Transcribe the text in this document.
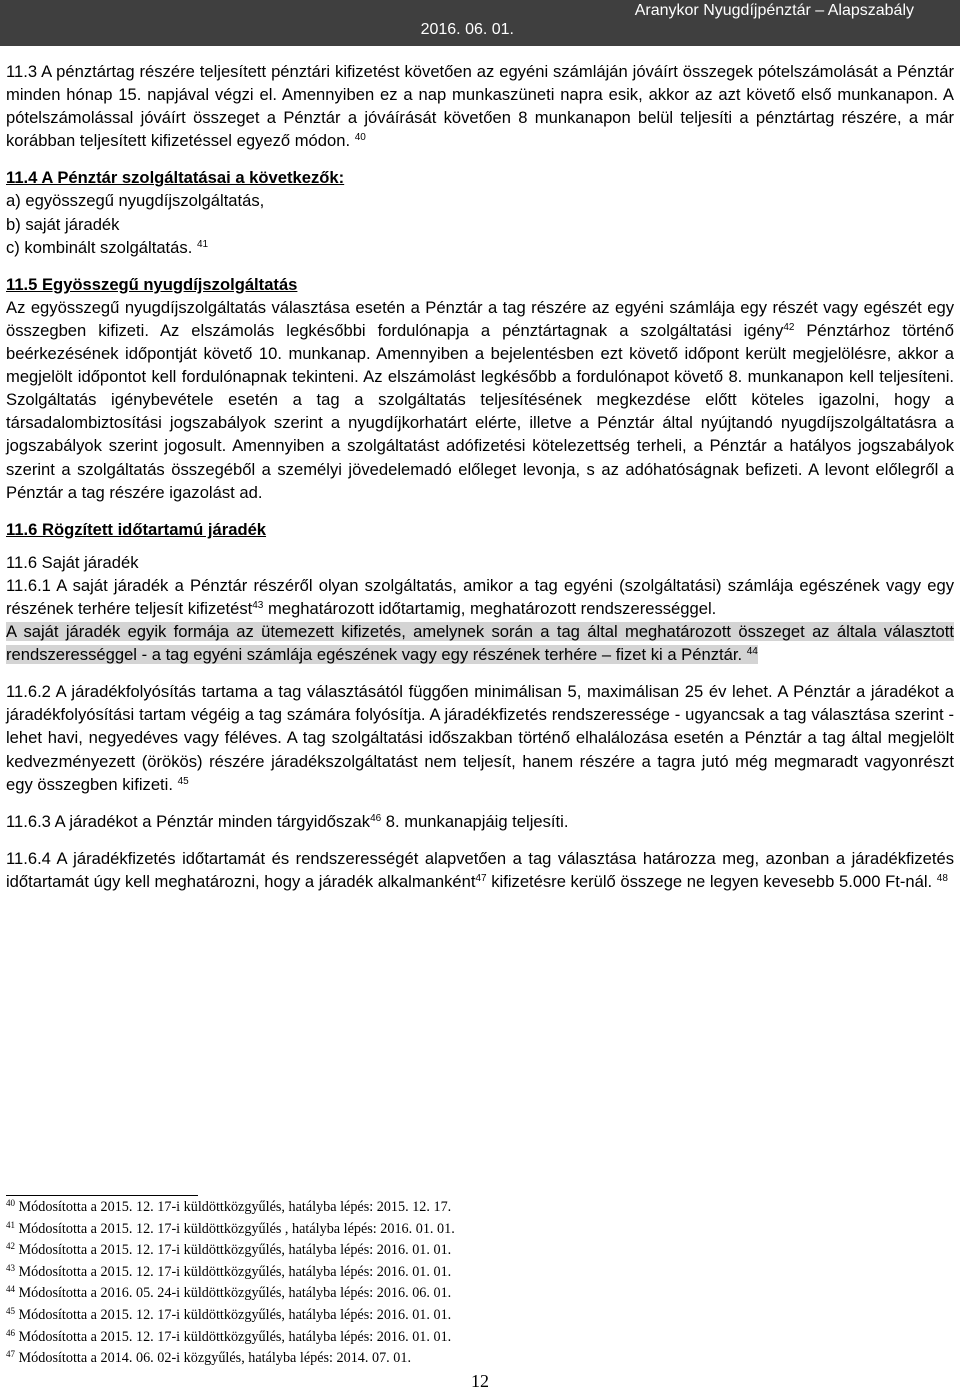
Aranykor Nyugdíjpénztár – Alapszabály
2016. 06. 01.

11.3 A pénztártag részére teljesített pénztári kifizetést követően az egyéni számláján jóváírt összegek pótelszámolását a Pénztár minden hónap 15. napjával végzi el. Amennyiben ez a nap munkaszüneti napra esik, akkor az azt követő első munkanapon. A pótelszámolással jóváírt összeget a Pénztár a jóváírását követően 8 munkanapon belül teljesíti a pénztártag részére, a már korábban teljesített kifizetéssel egyező módon. $^{40}$

11.4 A Pénztár szolgáltatásai a következők:
a) egyösszegű nyugdíjszolgáltatás,
b) saját járadék
c) kombinált szolgáltatás. $^{41}$
11.5 Egyösszegű nyugdíjszolgáltatás

Az egyösszegű nyugdíjszolgáltatás választása esetén a Pénztár a tag részére az egyéni számlája egy részét vagy egészét egy összegben kifizeti. Az elszámolás legkésőbbi fordulónapja a pénztártagnak a szolgáltatási igény$^{42}$ Pénztárhoz történő beérkezésének időpontját követő 10. munkanap. Amennyiben a bejelentésben ezt követő időpont került megjelölésre, akkor a megjelölt időpontot kell fordulónapnak tekinteni. Az elszámolást legkésőbb a fordulónapot követő 8. munkanapon kell teljesíteni. Szolgáltatás igénybevétele esetén a tag a szolgáltatás teljesítésének megkezdése előtt köteles igazolni, hogy a társadalombiztosítási jogszabályok szerint a nyugdíjkorhatárt elérte, illetve a Pénztár által nyújtandó nyugdíjszolgáltatásra a jogszabályok szerint jogosult. Amennyiben a szolgáltatást adófizetési kötelezettség terheli, a Pénztár a hatályos jogszabályok szerint a szolgáltatás összegéből a személyi jövedelemadó előleget levonja, s az adóhatóságnak befizeti. A levont előlegről a Pénztár a tag részére igazolást ad.

11.6 Rögzített időtartamú járadék
11.6 Saját járadék

11.6.1 A saját járadék a Pénztár részéről olyan szolgáltatás, amikor a tag egyéni (szolgáltatási) számlája egészének vagy egy részének terhére teljesít kifizetést$^{43}$ meghatározott időtartamig, meghatározott rendszerességgel.

A saját járadék egyik formája az ütemezett kifizetés, amelynek során a tag által meghatározott összeget az általa választott rendszerességgel - a tag egyéni számlája egészének vagy egy részének terhére – fizet ki a Pénztár. $^{44}$

11.6.2 A járadékfolyósítás tartama a tag választásától függően minimálisan 5, maximálisan 25 év lehet. A Pénztár a járadékot a járadékfolyósítási tartam végéig a tag számára folyósítja. A járadékfizetés rendszeressége - ugyancsak a tag választása szerint - lehet havi, negyedéves vagy féléves. A tag szolgáltatási időszakban történő elhalálozása esetén a Pénztár a tag által megjelölt kedvezményezett (örökös) részére járadékszolgáltatást nem teljesít, hanem részére a tagra jutó még megmaradt vagyonrészt egy összegben kifizeti. $^{45}$

11.6.3 A járadékot a Pénztár minden tárgyidőszak$^{46}$ 8. munkanapjáig teljesíti.

11.6.4 A járadékfizetés időtartamát és rendszerességét alapvetően a tag választása határozza meg, azonban a járadékfizetés időtartamát úgy kell meghatározni, hogy a járadék alkalmanként$^{47}$ kifizetésre kerülő összege ne legyen kevesebb 5.000 Ft-nál. $^{48}$

$^{40}$ Módosította a 2015. 12. 17-i küldöttközgyűlés, hatályba lépés: 2015. 12. 17.
$^{41}$ Módosította a 2015. 12. 17-i küldöttközgyűlés , hatályba lépés: 2016. 01. 01.
$^{42}$ Módosította a 2015. 12. 17-i küldöttközgyűlés, hatályba lépés: 2016. 01. 01.
$^{43}$ Módosította a 2015. 12. 17-i küldöttközgyűlés, hatályba lépés: 2016. 01. 01.
$^{44}$ Módosította a 2016. 05. 24-i küldöttközgyűlés, hatályba lépés: 2016. 06. 01.
$^{45}$ Módosította a 2015. 12. 17-i küldöttközgyűlés, hatályba lépés: 2016. 01. 01.
$^{46}$ Módosította a 2015. 12. 17-i küldöttközgyűlés, hatályba lépés: 2016. 01. 01.
$^{47}$ Módosította a 2014. 06. 02-i közgyűlés, hatályba lépés: 2014. 07. 01.
12
